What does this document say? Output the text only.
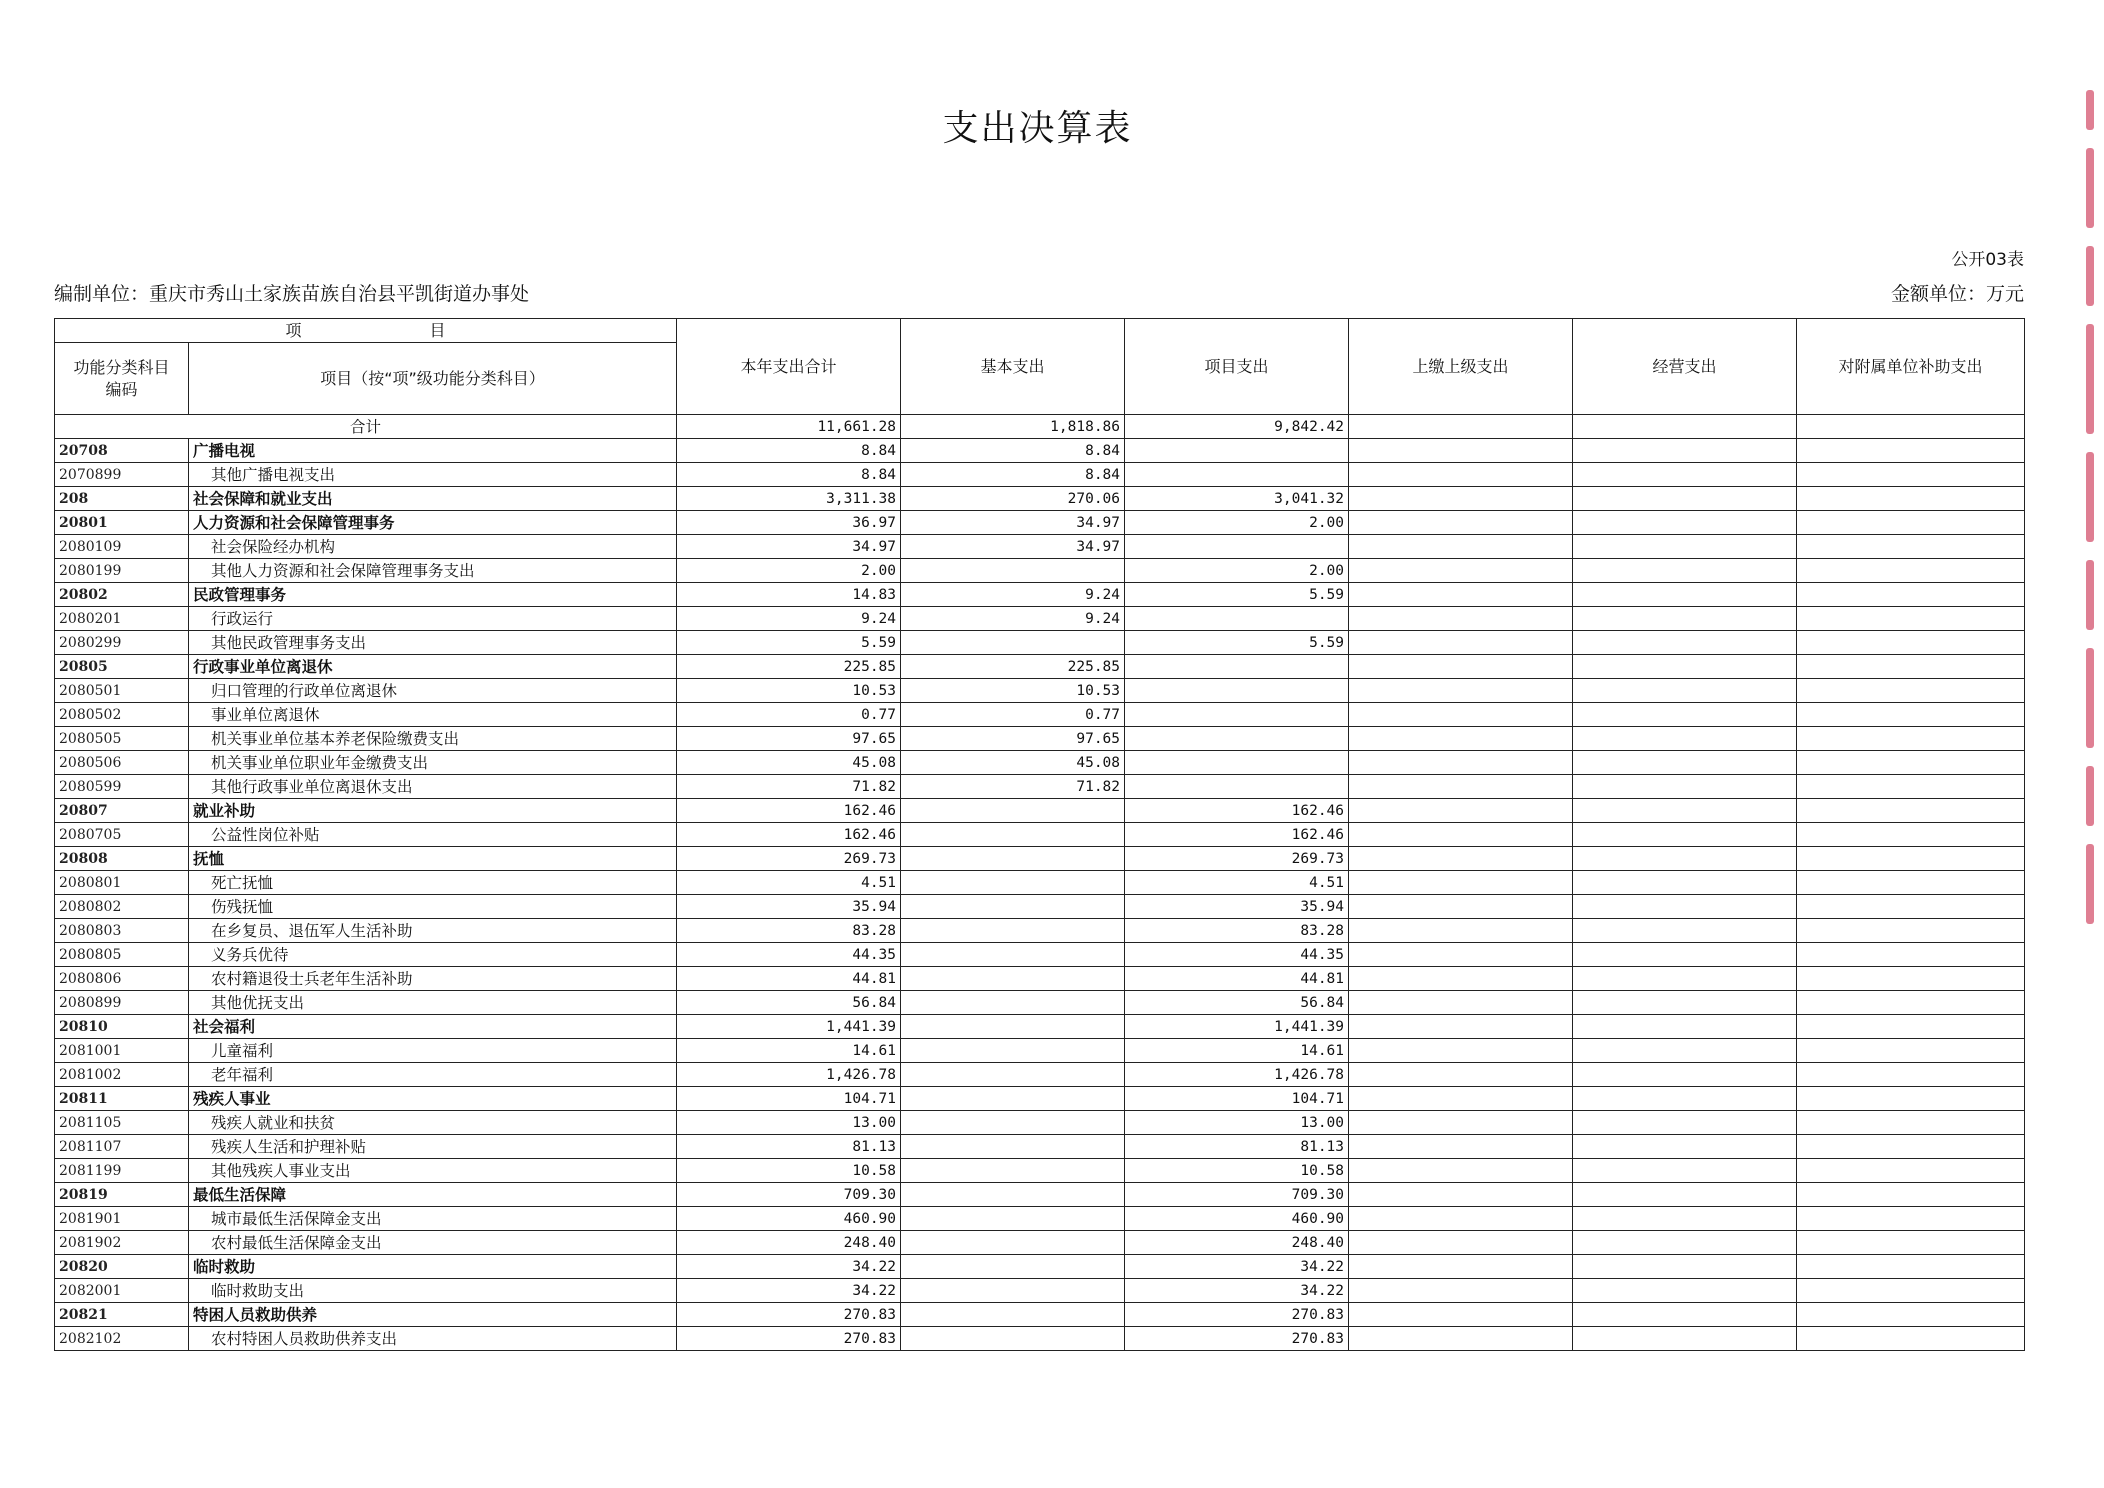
支出决算表
公开03表
编制单位：重庆市秀山土家族苗族自治县平凯街道办事处	金额单位：万元
项　　　　　　　　目		本年支出合计	基本支出	项目支出	上缴上级支出	经营支出	对附属单位补助支出
功能分类科目编码	项目（按“项”级功能分类科目）						
合计		11,661.28	1,818.86	9,842.42			
20708	广播电视	8.84	8.84				
2070899	其他广播电视支出	8.84	8.84				
208	社会保障和就业支出	3,311.38	270.06	3,041.32			
20801	人力资源和社会保障管理事务	36.97	34.97	2.00			
2080109	社会保险经办机构	34.97	34.97				
2080199	其他人力资源和社会保障管理事务支出	2.00		2.00			
20802	民政管理事务	14.83	9.24	5.59			
2080201	行政运行	9.24	9.24				
2080299	其他民政管理事务支出	5.59		5.59			
20805	行政事业单位离退休	225.85	225.85				
2080501	归口管理的行政单位离退休	10.53	10.53				
2080502	事业单位离退休	0.77	0.77				
2080505	机关事业单位基本养老保险缴费支出	97.65	97.65				
2080506	机关事业单位职业年金缴费支出	45.08	45.08				
2080599	其他行政事业单位离退休支出	71.82	71.82				
20807	就业补助	162.46		162.46			
2080705	公益性岗位补贴	162.46		162.46			
20808	抚恤	269.73		269.73			
2080801	死亡抚恤	4.51		4.51			
2080802	伤残抚恤	35.94		35.94			
2080803	在乡复员、退伍军人生活补助	83.28		83.28			
2080805	义务兵优待	44.35		44.35			
2080806	农村籍退役士兵老年生活补助	44.81		44.81			
2080899	其他优抚支出	56.84		56.84			
20810	社会福利	1,441.39		1,441.39			
2081001	儿童福利	14.61		14.61			
2081002	老年福利	1,426.78		1,426.78			
20811	残疾人事业	104.71		104.71			
2081105	残疾人就业和扶贫	13.00		13.00			
2081107	残疾人生活和护理补贴	81.13		81.13			
2081199	其他残疾人事业支出	10.58		10.58			
20819	最低生活保障	709.30		709.30			
2081901	城市最低生活保障金支出	460.90		460.90			
2081902	农村最低生活保障金支出	248.40		248.40			
20820	临时救助	34.22		34.22			
2082001	临时救助支出	34.22		34.22			
20821	特困人员救助供养	270.83		270.83			
2082102	农村特困人员救助供养支出	270.83		270.83			
